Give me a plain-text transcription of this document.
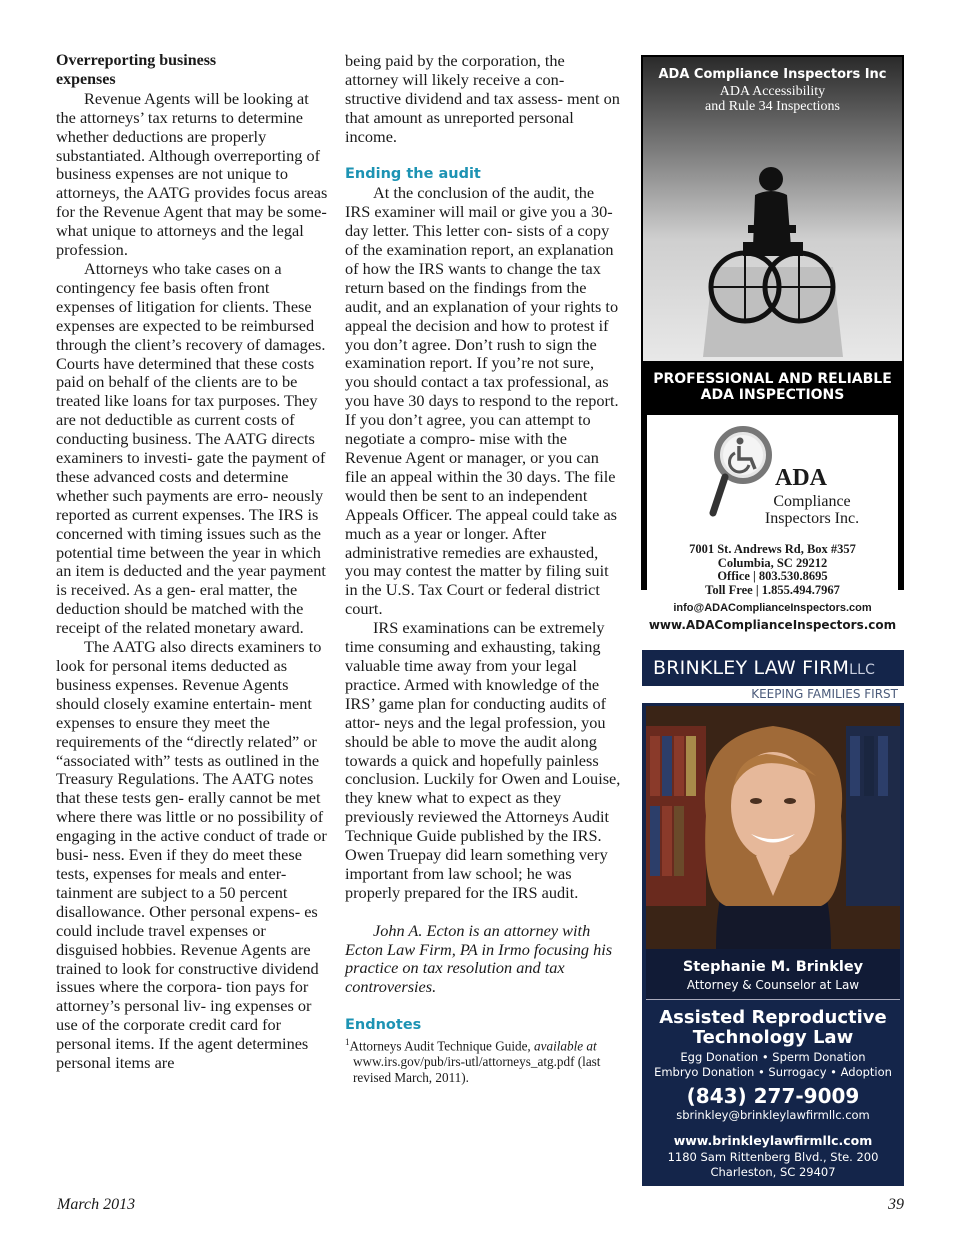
Overreporting business

expenses

Revenue Agents will be looking at the attorneys’ tax returns to determine whether deductions are properly substantiated. Although overreporting of business expenses are not unique to attorneys, the AATG provides focus areas for the Revenue Agent that may be some- what unique to attorneys and the legal profession.

Attorneys who take cases on a contingency fee basis often front expenses of litigation for clients. These expenses are expected to be reimbursed through the client’s recovery of damages. Courts have determined that these costs paid on behalf of the clients are to be treated like loans for tax purposes. They are not deductible as current costs of conducting business. The AATG directs examiners to investi- gate the payment of these advanced costs and determine whether such payments are erro- neously reported as current expenses. The IRS is concerned with timing issues such as the potential time between the year in which an item is deducted and the year payment is received. As a gen- eral matter, the deduction should be matched with the receipt of the related monetary award.

The AATG also directs examiners to look for personal items deducted as business expenses. Revenue Agents should closely examine entertain- ment expenses to ensure they meet the requirements of the “directly related” or “associated with” tests as outlined in the Treasury Regulations. The AATG notes that these tests gen- erally cannot be met where there was little or no possibility of engaging in the active conduct of trade or busi- ness. Even if they do meet these tests, expenses for meals and enter- tainment are subject to a 50 percent disallowance. Other personal expens- es could include travel expenses or disguised hobbies. Revenue Agents are trained to look for constructive dividend issues where the corpora- tion pays for attorney’s personal liv- ing expenses or use of the corporate credit card for personal items. If the agent determines personal items are

being paid by the corporation, the attorney will likely receive a con- structive dividend and tax assess- ment on that amount as unreported personal income.

Ending the audit

At the conclusion of the audit, the IRS examiner will mail or give you a 30-day letter. This letter con- sists of a copy of the examination report, an explanation of how the IRS wants to change the tax return based on the findings from the audit, and an explanation of your rights to appeal the decision and how to protest if you don’t agree. Don’t rush to sign the examination report. If you’re not sure, you should contact a tax professional, as you have 30 days to respond to the report. If you don’t agree, you can attempt to negotiate a compro- mise with the Revenue Agent or manager, or you can file an appeal within the 30 days. The file would then be sent to an independent Appeals Officer. The appeal could take as much as a year or longer. After administrative remedies are exhausted, you may contest the matter by filing suit in the U.S. Tax Court or federal district court.

IRS examinations can be extremely time consuming and exhausting, taking valuable time away from your legal practice. Armed with knowledge of the IRS’ game plan for conducting audits of attor- neys and the legal profession, you should be able to move the audit along towards a quick and hopefully painless conclusion. Luckily for Owen and Louise, they knew what to expect as they previously reviewed the Attorneys Audit Technique Guide published by the IRS. Owen Truepay did learn something very important from law school; he was properly prepared for the IRS audit.

John A. Ecton is an attorney with Ecton Law Firm, PA in Irmo focusing his practice on tax resolution and tax controversies.

Endnotes

$^1$Attorneys Audit Technique Guide, available at www.irs.gov/pub/irs-utl/attorneys_atg.pdf (last revised March, 2011).

ADA Compliance Inspectors Inc
ADA Accessibility
and Rule 34 Inspections
PROFESSIONAL AND RELIABLE
ADA INSPECTIONS
ADA
Compliance
Inspectors Inc.
7001 St. Andrews Rd, Box #357
Columbia, SC 29212
Office | 803.530.8695
Toll Free | 1.855.494.7967
info@ADAComplianceInspectors.com
www.ADAComplianceInspectors.com
BRINKLEY LAW FIRMLLC
KEEPING FAMILIES FIRST
Stephanie M. Brinkley
Attorney & Counselor at Law
Assisted Reproductive
Technology Law
Egg Donation • Sperm Donation
Embryo Donation • Surrogacy • Adoption
(843) 277-9009
sbrinkley@brinkleylawfirmllc.com
www.brinkleylawfirmllc.com
1180 Sam Rittenberg Blvd., Ste. 200
Charleston, SC 29407
March 2013	39
